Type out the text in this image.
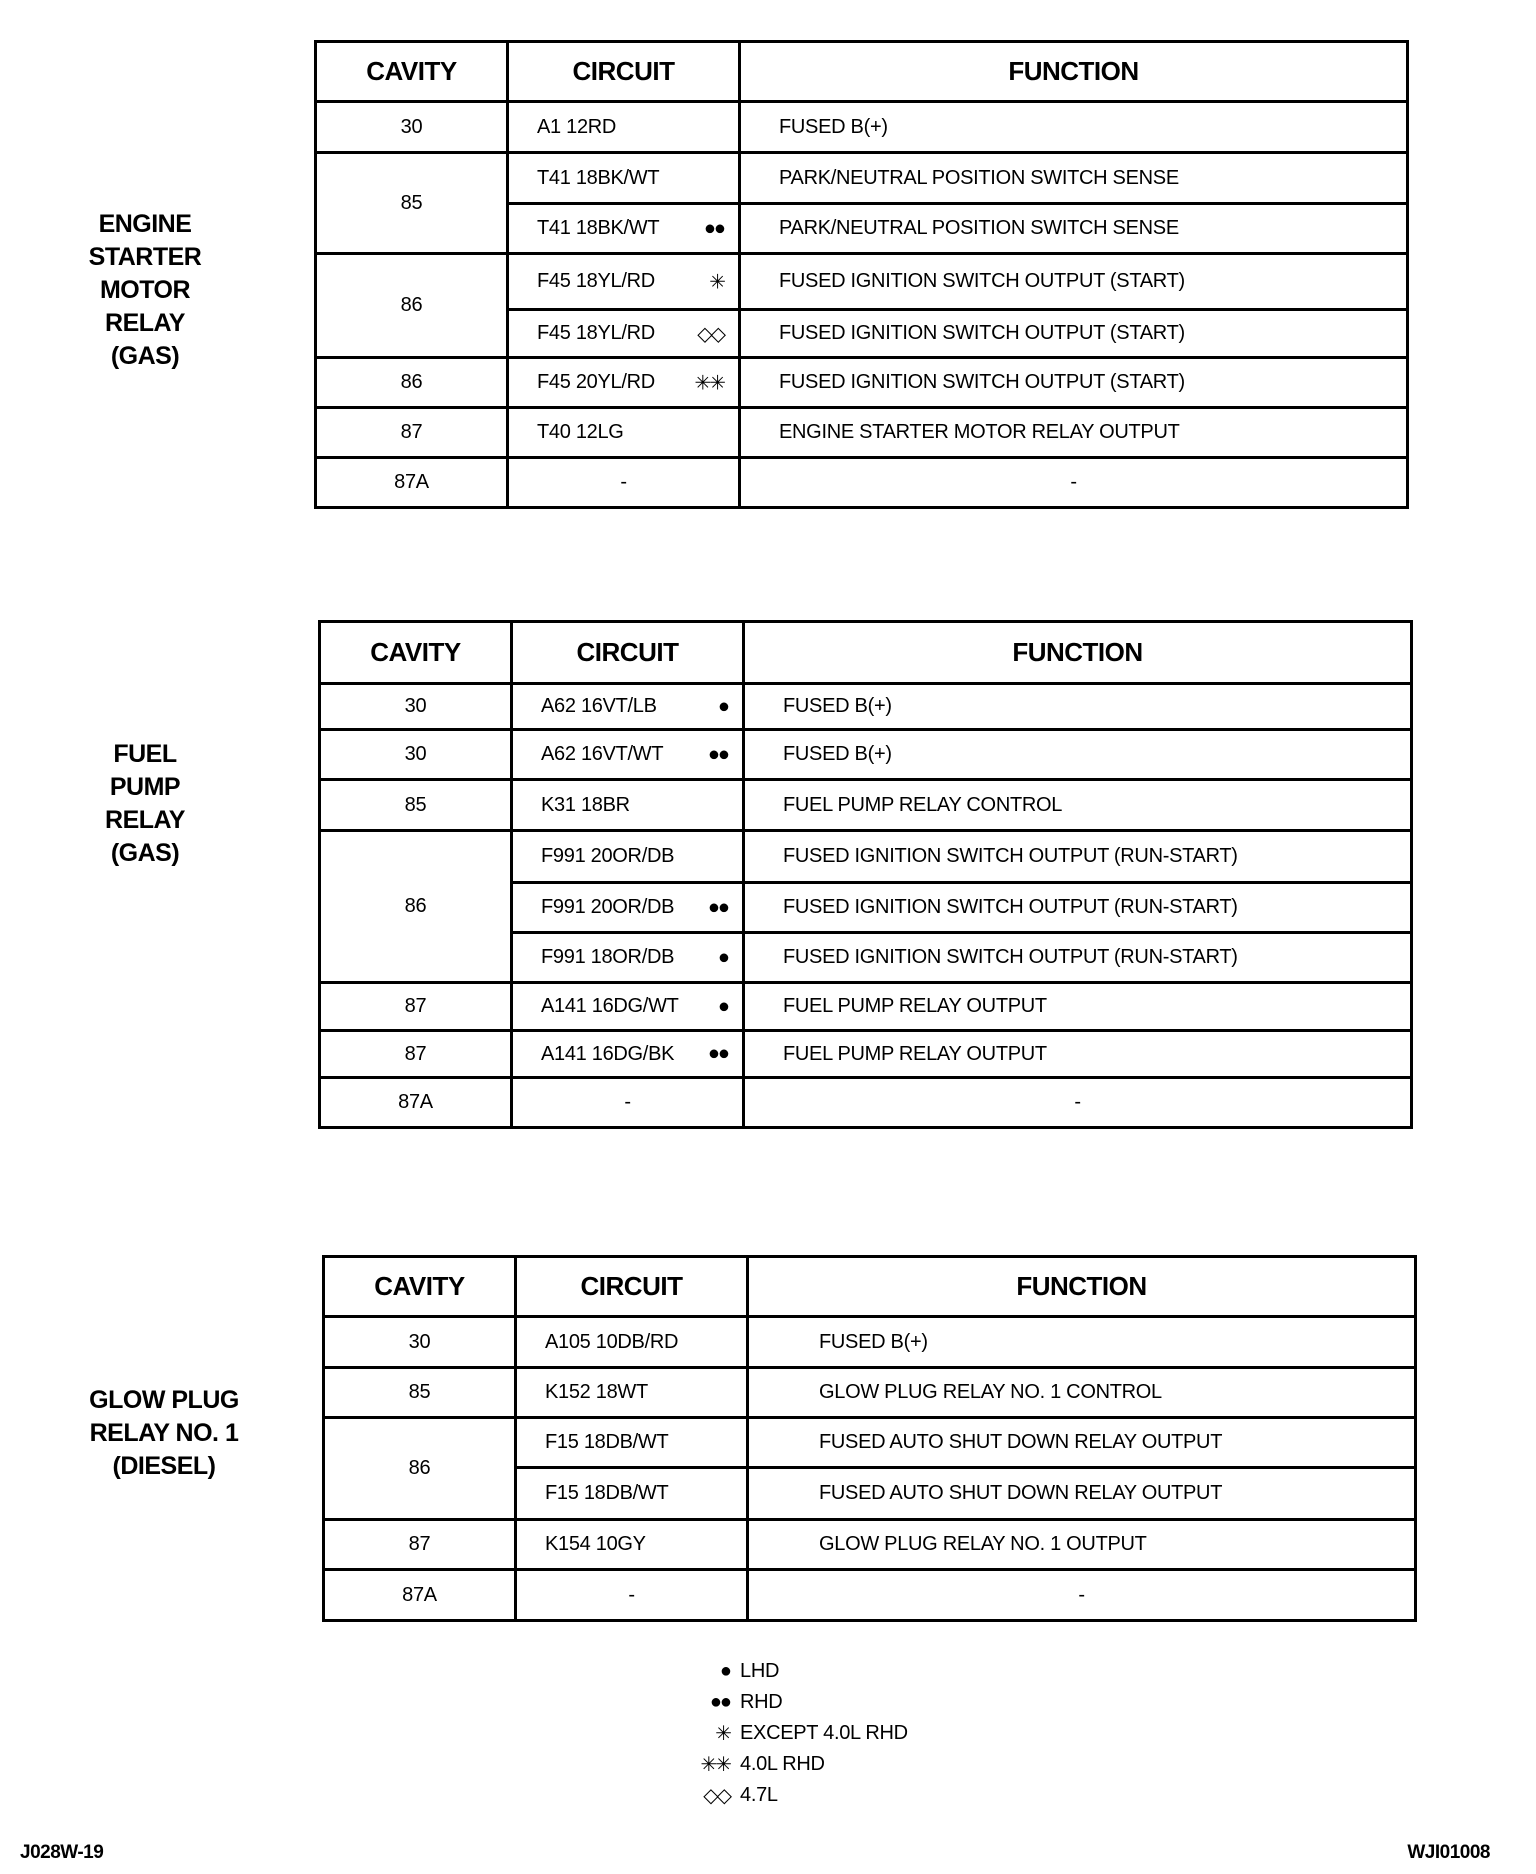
ENGINE
STARTER
MOTOR
RELAY
(GAS)
CAVITY	CIRCUIT	FUNCTION
30	A1 12RD	FUSED B(+)
85	T41 18BK/WT	PARK/NEUTRAL POSITION SWITCH SENSE
	T41 18BK/WT ●●	PARK/NEUTRAL POSITION SWITCH SENSE
86	F45 18YL/RD ✳	FUSED IGNITION SWITCH OUTPUT (START)
	F45 18YL/RD ◇◇	FUSED IGNITION SWITCH OUTPUT (START)
86	F45 20YL/RD ✳✳	FUSED IGNITION SWITCH OUTPUT (START)
87	T40 12LG	ENGINE STARTER MOTOR RELAY OUTPUT
87A	-	-
FUEL
PUMP
RELAY
(GAS)
CAVITY	CIRCUIT	FUNCTION
30	A62 16VT/LB ●	FUSED B(+)
30	A62 16VT/WT ●●	FUSED B(+)
85	K31 18BR	FUEL PUMP RELAY CONTROL
86	F991 20OR/DB	FUSED IGNITION SWITCH OUTPUT (RUN-START)
	F991 20OR/DB ●●	FUSED IGNITION SWITCH OUTPUT (RUN-START)
	F991 18OR/DB ●	FUSED IGNITION SWITCH OUTPUT (RUN-START)
87	A141 16DG/WT ●	FUEL PUMP RELAY OUTPUT
87	A141 16DG/BK ●●	FUEL PUMP RELAY OUTPUT
87A	-	-
GLOW PLUG
RELAY NO. 1
(DIESEL)
CAVITY	CIRCUIT	FUNCTION
30	A105 10DB/RD	FUSED B(+)
85	K152 18WT	GLOW PLUG RELAY NO. 1 CONTROL
86	F15 18DB/WT	FUSED AUTO SHUT DOWN RELAY OUTPUT
	F15 18DB/WT	FUSED AUTO SHUT DOWN RELAY OUTPUT
87	K154 10GY	GLOW PLUG RELAY NO. 1 OUTPUT
87A	-	-
● LHD
●● RHD
✳ EXCEPT 4.0L RHD
✳✳ 4.0L RHD
◇◇ 4.7L
J028W-19	WJI01008
